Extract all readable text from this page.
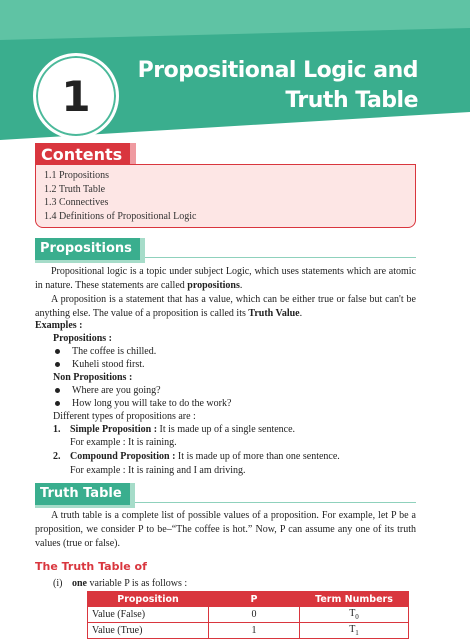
1
Propositional Logic and
Truth Table
Contents
1.1 Propositions
1.2 Truth Table
1.3 Connectives
1.4 Definitions of Propositional Logic
Propositions
Propositional logic is a topic under subject Logic, which uses statements which are atomic in nature. These statements are called propositions.
A proposition is a statement that has a value, which can be either true or false but can't be anything else. The value of a proposition is called its Truth Value.
Examples :
Propositions :
The coffee is chilled.
Kuheli stood first.
Non Propositions :
Where are you going?
How long you will take to do the work?
Different types of propositions are :
1. Simple Proposition : It is made up of a single sentence.
For example : It is raining.
2. Compound Proposition : It is made up of more than one sentence.
For example : It is raining and I am driving.
Truth Table
A truth table is a complete list of possible values of a proposition. For example, let P be a proposition, we consider P to be–“The coffee is hot.” Now, P can assume any one of its truth values (true or false).
The Truth Table of
(i) one variable P is as follows :
Proposition	P	Term Numbers
Value (False)	0	$T_0$
Value (True)	1	$T_1$
